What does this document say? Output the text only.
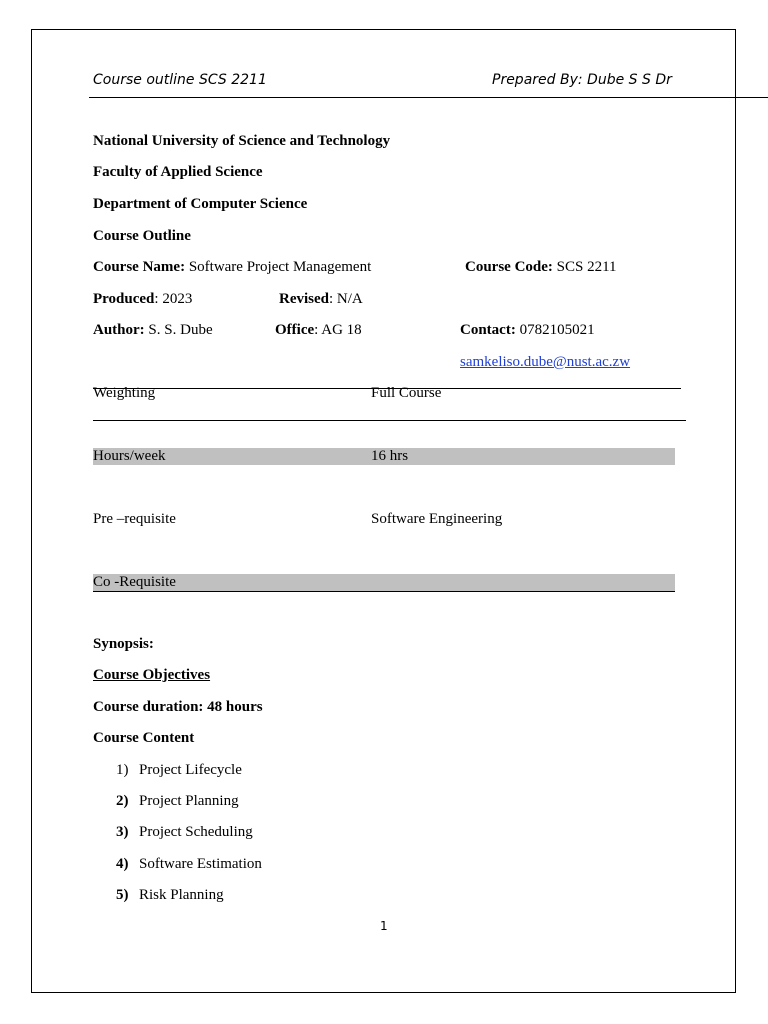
Course outline SCS 2211	Prepared By: Dube S S Dr
National University of Science and Technology
Faculty of Applied Science
Department of Computer Science
Course Outline
Course Name: Software Project Management	Course Code: SCS 2211
Produced: 2023	Revised: N/A
Author: S. S. Dube	Office: AG 18	Contact: 0782105021
samkeliso.dube@nust.ac.zw
Weighting	Full Course
Hours/week	16 hrs
Pre –requisite	Software Engineering
Co -Requisite
Synopsis:
Course Objectives
Course duration: 48 hours
Course Content
1) Project Lifecycle
2) Project Planning
3) Project Scheduling
4) Software Estimation
5) Risk Planning
1
